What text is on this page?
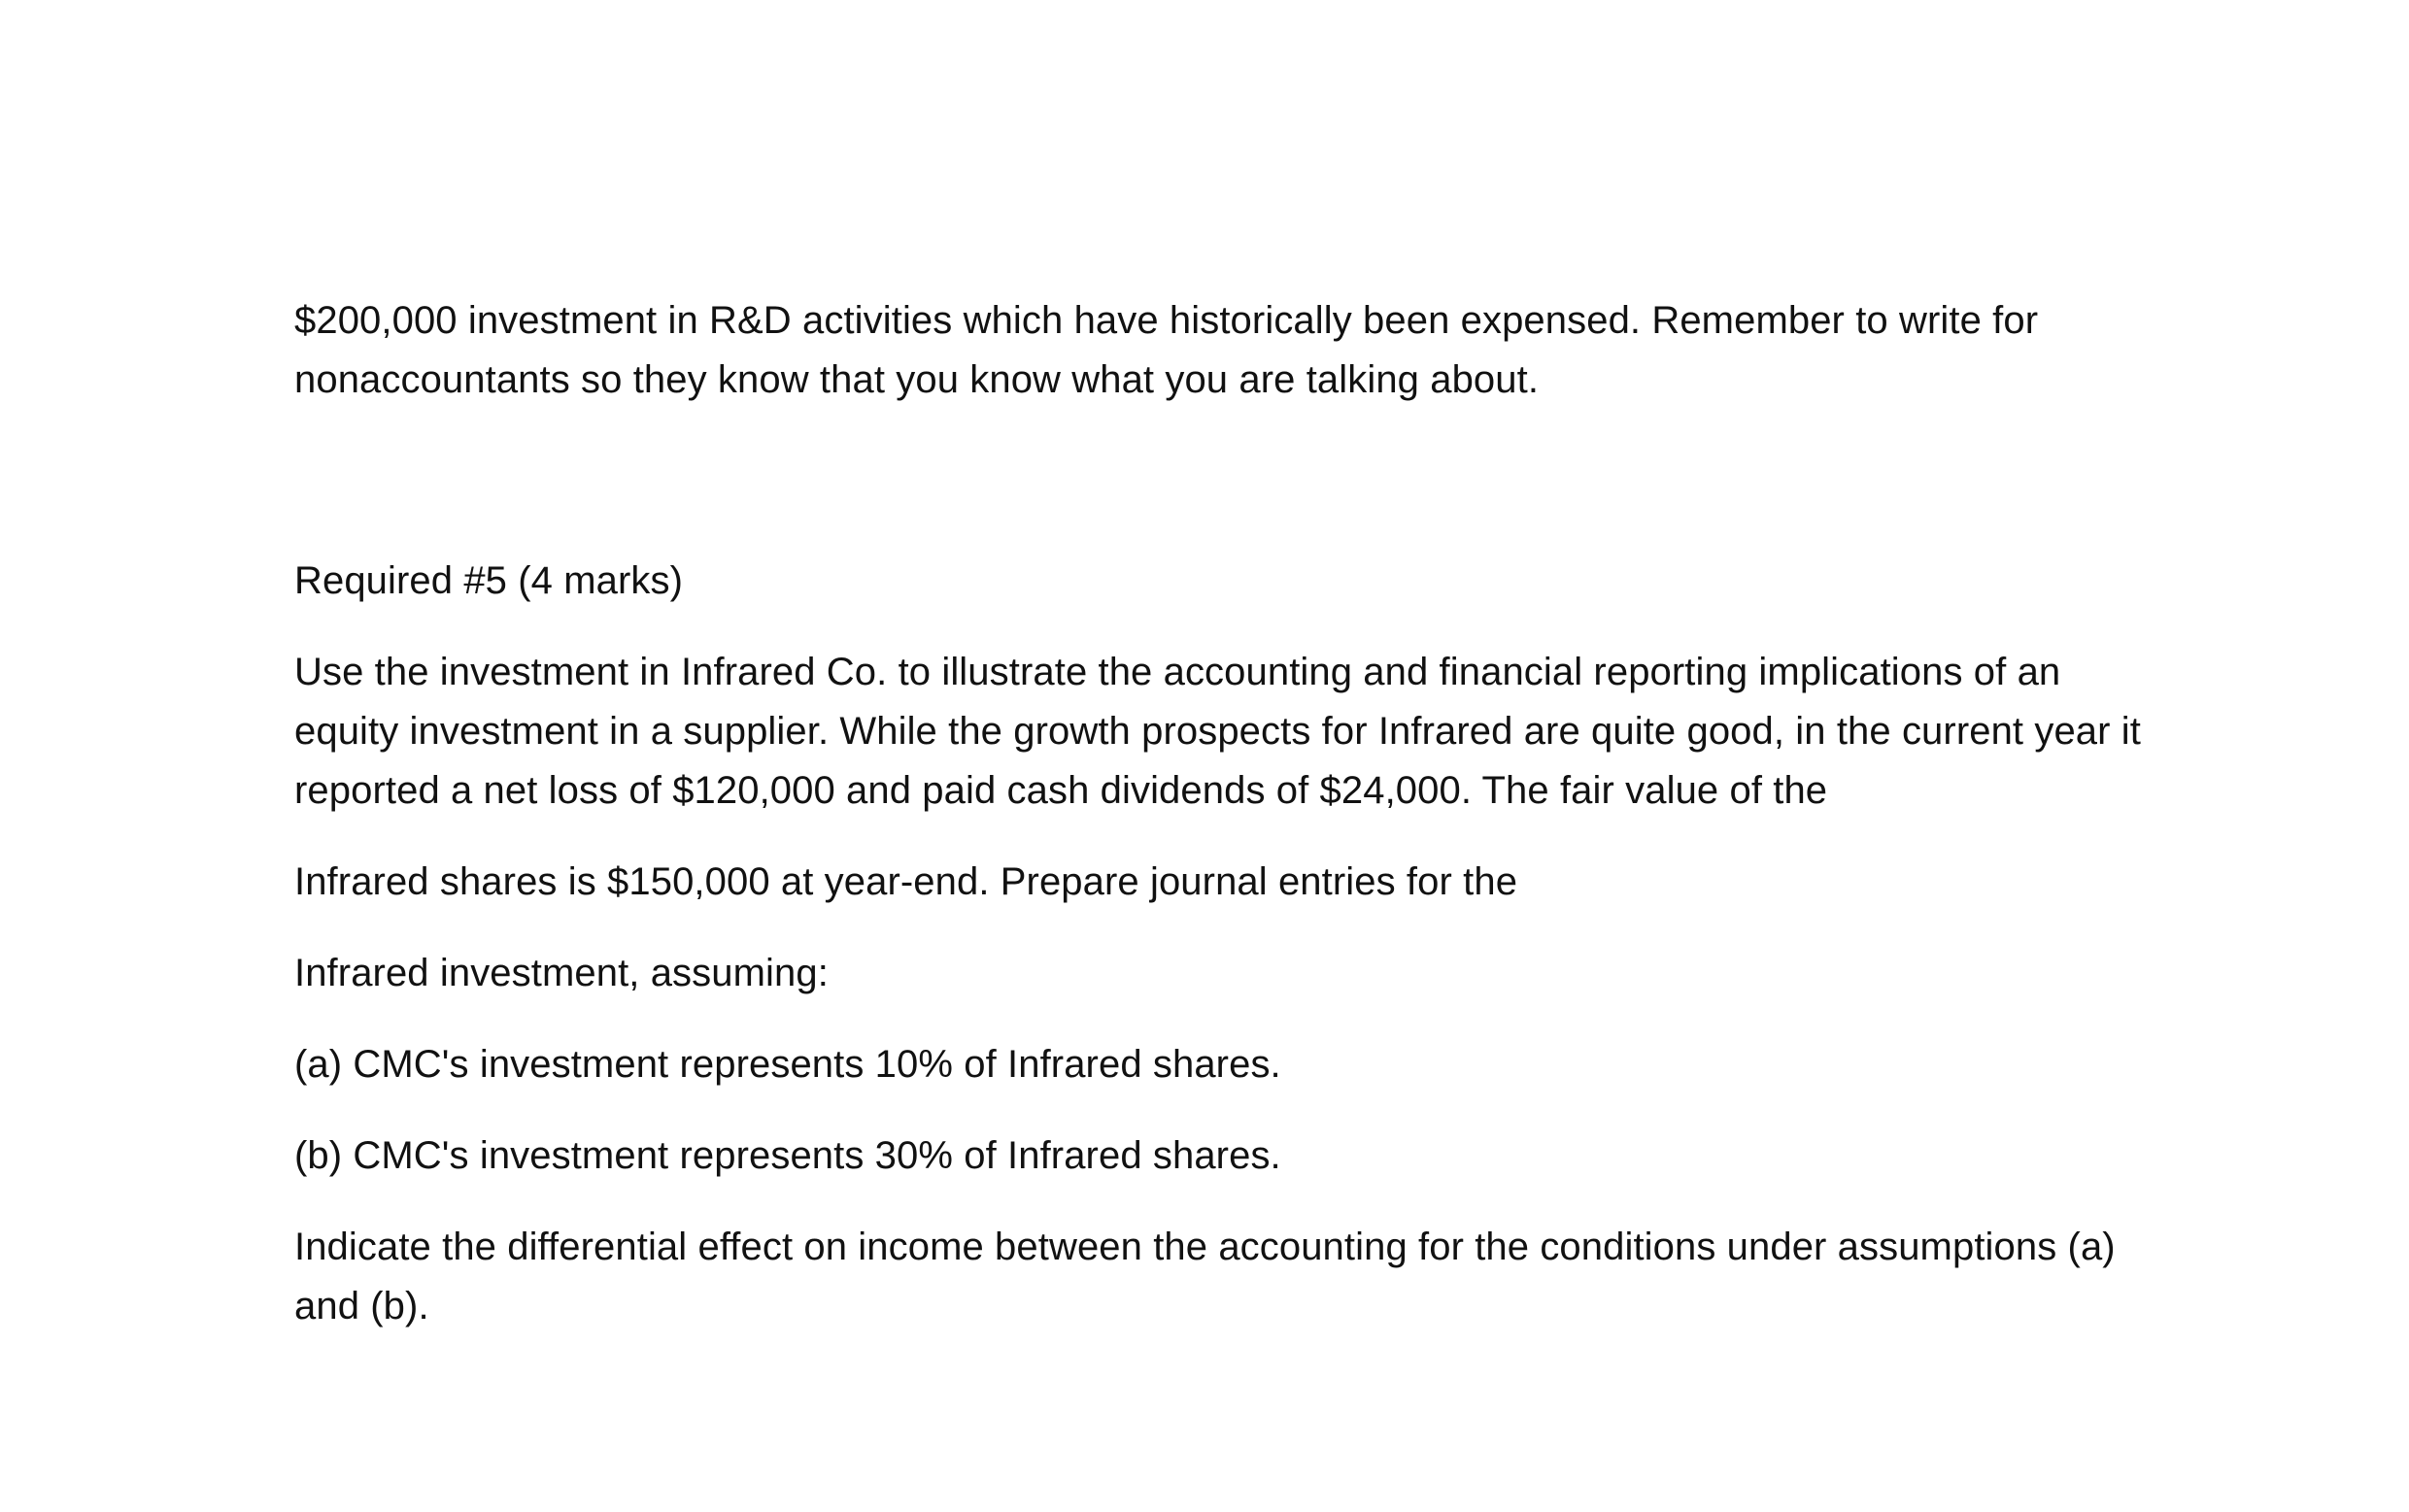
$200,000 investment in R&D activities which have historically been expensed. Remember to write for nonaccountants so they know that you know what you are talking about.

Required #5 (4 marks)

Use the investment in Infrared Co. to illustrate the accounting and financial reporting implications of an equity investment in a supplier. While the growth prospects for Infrared are quite good, in the current year it reported a net loss of $120,000 and paid cash dividends of $24,000. The fair value of the

Infrared shares is $150,000 at year-end. Prepare journal entries for the

Infrared investment, assuming:

(a) CMC's investment represents 10% of Infrared shares.

(b) CMC's investment represents 30% of Infrared shares.

Indicate the differential effect on income between the accounting for the conditions under assumptions (a) and (b).
